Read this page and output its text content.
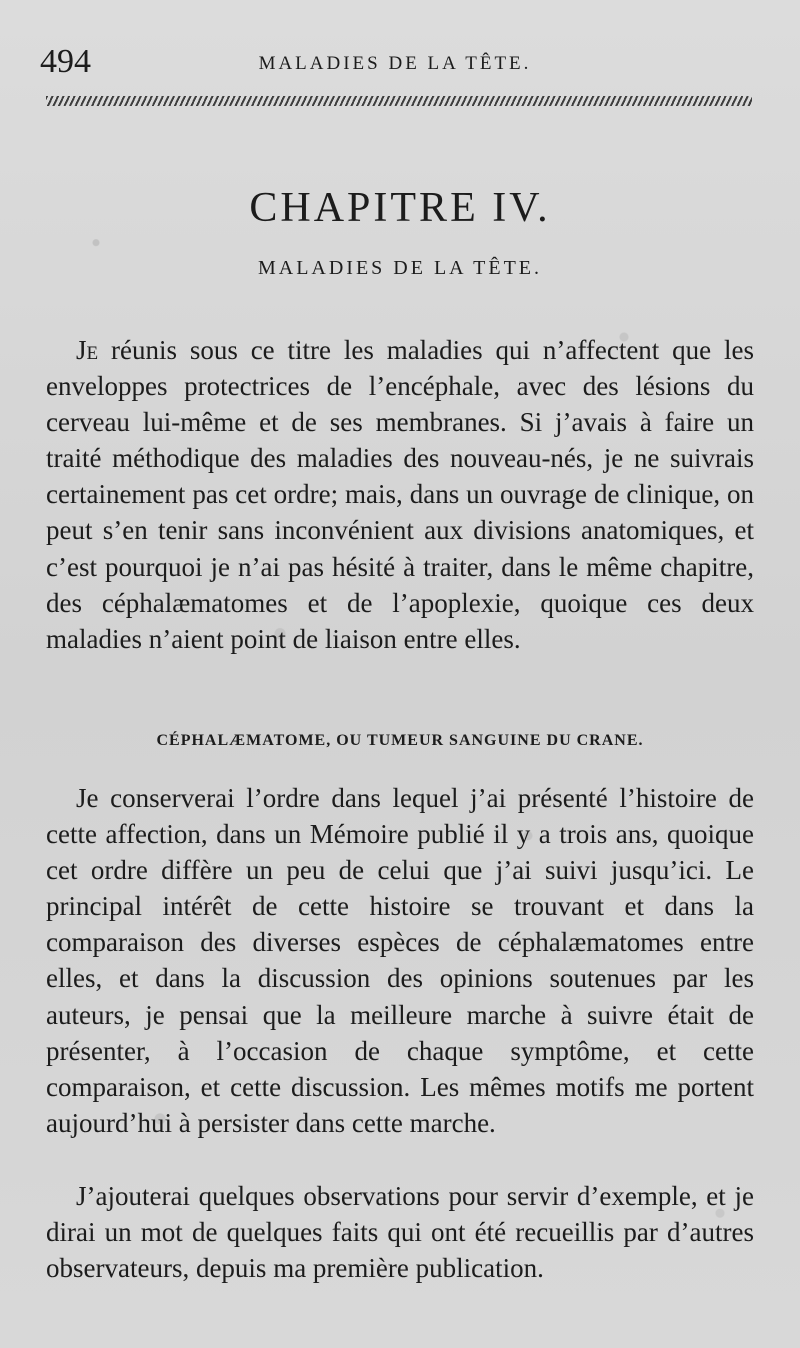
494	MALADIES DE LA TÊTE.
CHAPITRE IV.
MALADIES DE LA TÊTE.
Je réunis sous ce titre les maladies qui n’affectent que les enveloppes protectrices de l’encéphale, avec des lésions du cerveau lui-même et de ses membranes. Si j’avais à faire un traité méthodique des maladies des nouveau-nés, je ne suivrais certainement pas cet ordre; mais, dans un ouvrage de clinique, on peut s’en tenir sans inconvénient aux divisions anatomiques, et c’est pourquoi je n’ai pas hésité à traiter, dans le même chapitre, des céphalæmatomes et de l’apoplexie, quoique ces deux maladies n’aient point de liaison entre elles.
CÉPHALÆMATOME, OU TUMEUR SANGUINE DU CRANE.
Je conserverai l’ordre dans lequel j’ai présenté l’histoire de cette affection, dans un Mémoire publié il y a trois ans, quoique cet ordre diffère un peu de celui que j’ai suivi jusqu’ici. Le principal intérêt de cette histoire se trouvant et dans la comparaison des diverses espèces de céphalæmatomes entre elles, et dans la discussion des opinions soutenues par les auteurs, je pensai que la meilleure marche à suivre était de présenter, à l’occasion de chaque symptôme, et cette comparaison, et cette discussion. Les mêmes motifs me portent aujourd’hui à persister dans cette marche.
J’ajouterai quelques observations pour servir d’exemple, et je dirai un mot de quelques faits qui ont été recueillis par d’autres observateurs, depuis ma première publication.
